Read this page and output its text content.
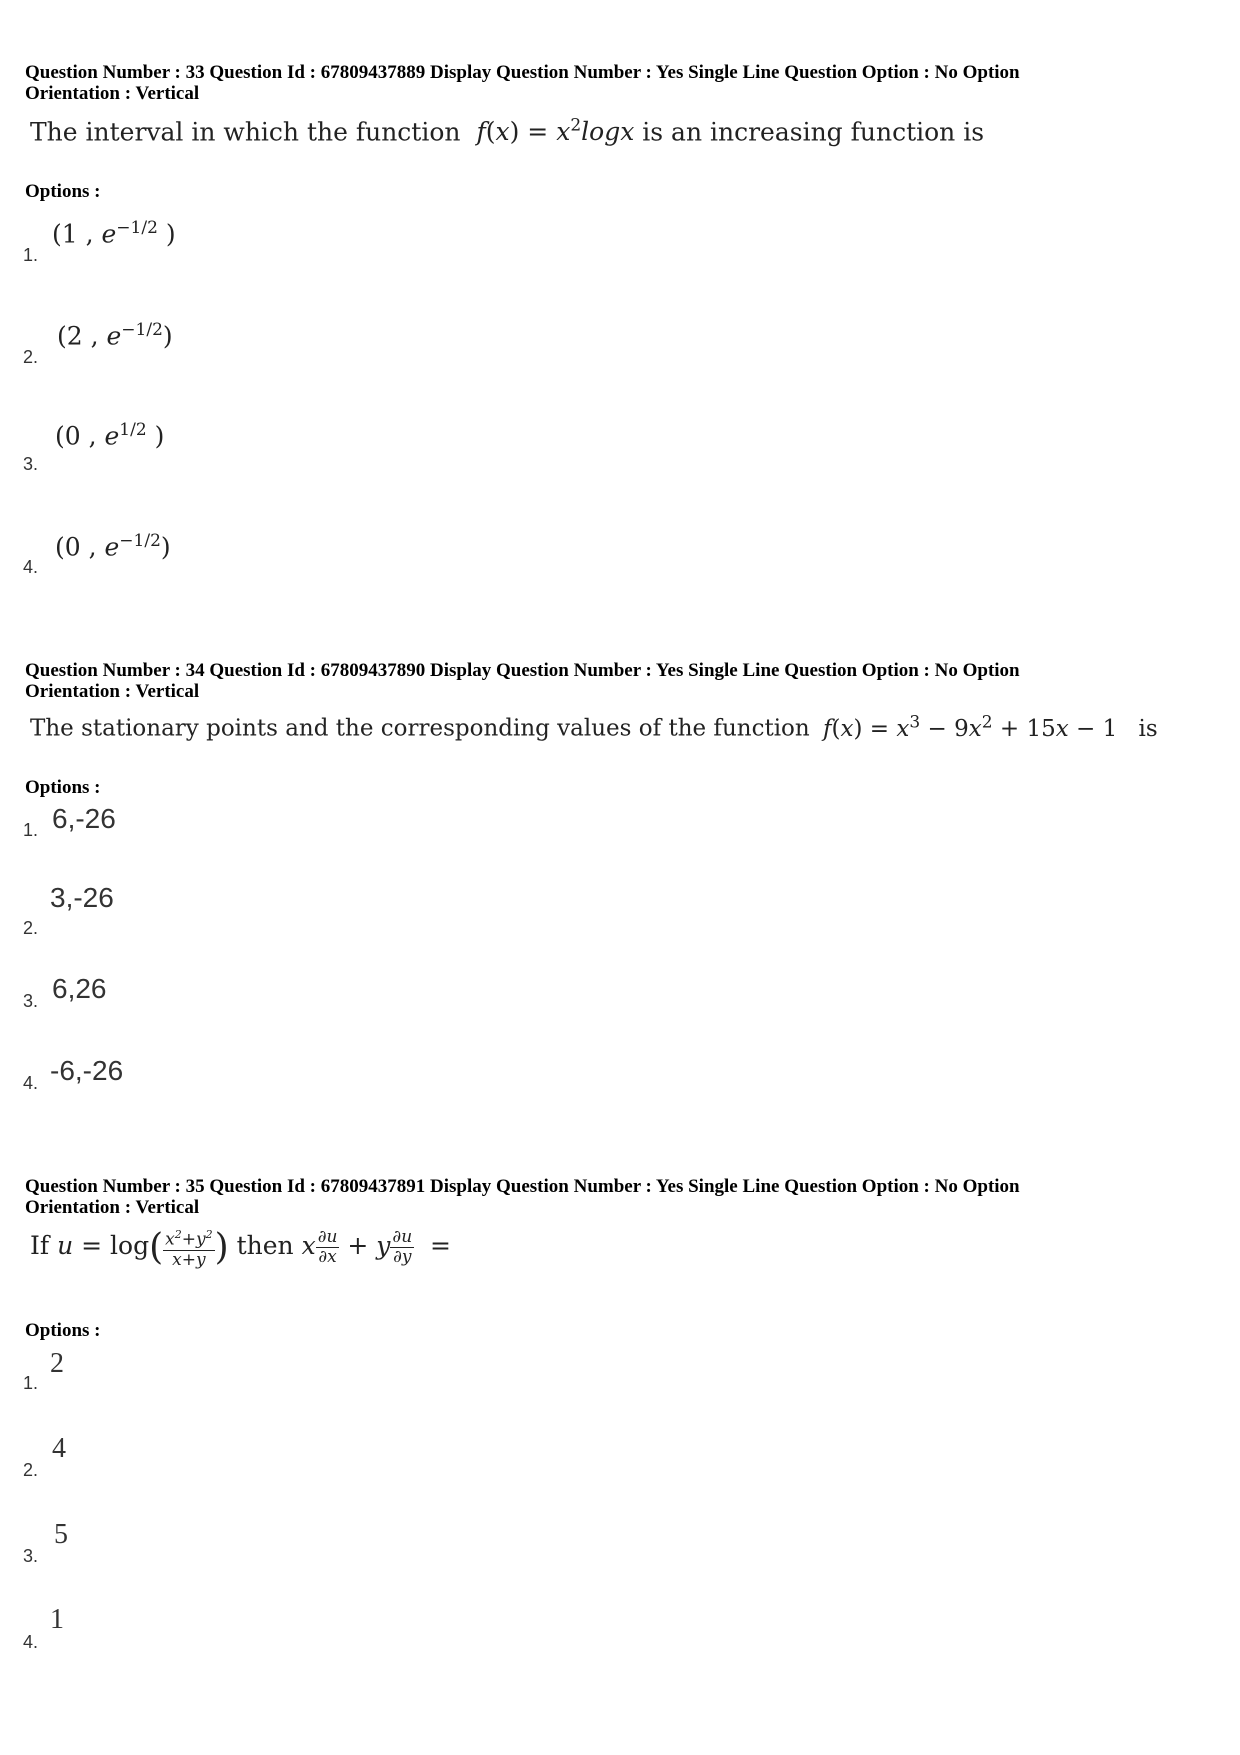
Question Number : 33 Question Id : 67809437889 Display Question Number : Yes Single Line Question Option : No Option
Orientation : Vertical
The interval in which the function $f(x) = x^2\log x$ is an increasing function is
Options :
1.
(1 , $e^{-1/2}$ )
2.
(2 , $e^{-1/2}$)
3.
(0 , $e^{1/2}$ )
4.
(0 , $e^{-1/2}$)
Question Number : 34 Question Id : 67809437890 Display Question Number : Yes Single Line Question Option : No Option
Orientation : Vertical
The stationary points and the corresponding values of the function $f(x) = x^3 - 9x^2 + 15x - 1$ is
Options :
1. 6,-26
2.
3,-26
3. 6,26
4. -6,-26
Question Number : 35 Question Id : 67809437891 Display Question Number : Yes Single Line Question Option : No Option
Orientation : Vertical
If $u = \log( \frac{x^2+y^2}{x+y}$ ) then x $\frac{\partial u}{\partial x} + y \frac{\partial u}{\partial y}$ =
Options :
1.
2
2.
4
3.
5
4.
1
